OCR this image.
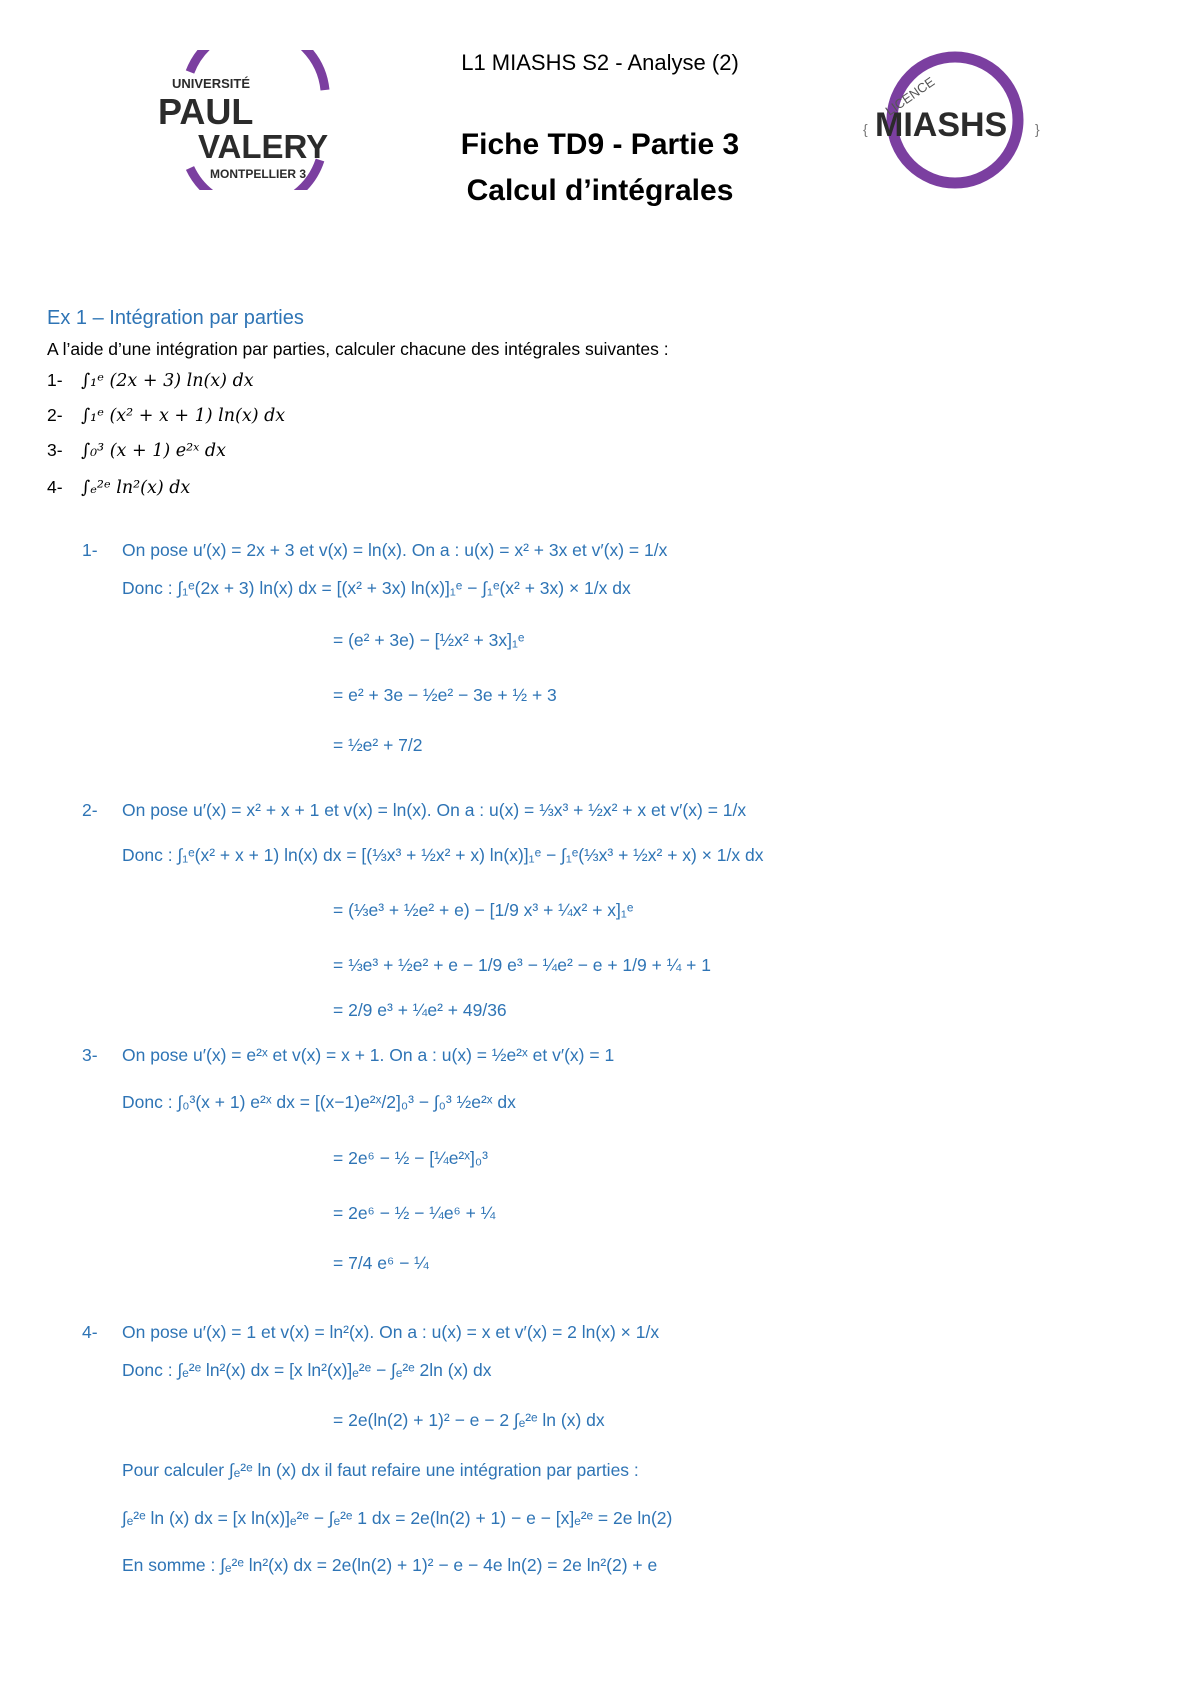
L1 MIASHS S2 - Analyse (2)
Fiche TD9 - Partie 3
Calcul d’intégrales
UNIVERSITÉ
PAUL
VALERY
MONTPELLIER 3
LICENCE
{	}
MIASHS
Ex 1 – Intégration par parties
A l’aide d’une intégration par parties, calculer chacune des intégrales suivantes :
1- ∫₁ᵉ (2x + 3) ln(x) dx
2- ∫₁ᵉ (x² + x + 1) ln(x) dx
3- ∫₀³ (x + 1) e²ˣ dx
4- ∫ₑ²ᵉ ln²(x) dx
1- On pose u′(x) = 2x + 3 et v(x) = ln(x). On a : u(x) = x² + 3x et v′(x) = 1/x
Donc : ∫₁ᵉ(2x + 3) ln(x) dx = [(x² + 3x) ln(x)]₁ᵉ − ∫₁ᵉ(x² + 3x) × 1/x dx
= (e² + 3e) − [½x² + 3x]₁ᵉ
= e² + 3e − ½e² − 3e + ½ + 3
= ½e² + 7/2
2- On pose u′(x) = x² + x + 1 et v(x) = ln(x). On a : u(x) = ⅓x³ + ½x² + x et v′(x) = 1/x
Donc : ∫₁ᵉ(x² + x + 1) ln(x) dx = [(⅓x³ + ½x² + x) ln(x)]₁ᵉ − ∫₁ᵉ(⅓x³ + ½x² + x) × 1/x dx
= (⅓e³ + ½e² + e) − [1/9 x³ + ¼x² + x]₁ᵉ
= ⅓e³ + ½e² + e − 1/9 e³ − ¼e² − e + 1/9 + ¼ + 1
= 2/9 e³ + ¼e² + 49/36
3- On pose u′(x) = e²ˣ et v(x) = x + 1. On a : u(x) = ½e²ˣ et v′(x) = 1
Donc : ∫₀³(x + 1) e²ˣ dx = [(x−1)e²ˣ/2]₀³ − ∫₀³ ½e²ˣ dx
= 2e⁶ − ½ − [¼e²ˣ]₀³
= 2e⁶ − ½ − ¼e⁶ + ¼
= 7/4 e⁶ − ¼
4- On pose u′(x) = 1 et v(x) = ln²(x). On a : u(x) = x et v′(x) = 2 ln(x) × 1/x
Donc : ∫ₑ²ᵉ ln²(x) dx = [x ln²(x)]ₑ²ᵉ − ∫ₑ²ᵉ 2ln (x) dx
= 2e(ln(2) + 1)² − e − 2 ∫ₑ²ᵉ ln (x) dx
Pour calculer ∫ₑ²ᵉ ln (x) dx il faut refaire une intégration par parties :
∫ₑ²ᵉ ln (x) dx = [x ln(x)]ₑ²ᵉ − ∫ₑ²ᵉ 1 dx = 2e(ln(2) + 1) − e − [x]ₑ²ᵉ = 2e ln(2)
En somme : ∫ₑ²ᵉ ln²(x) dx = 2e(ln(2) + 1)² − e − 4e ln(2) = 2e ln²(2) + e
